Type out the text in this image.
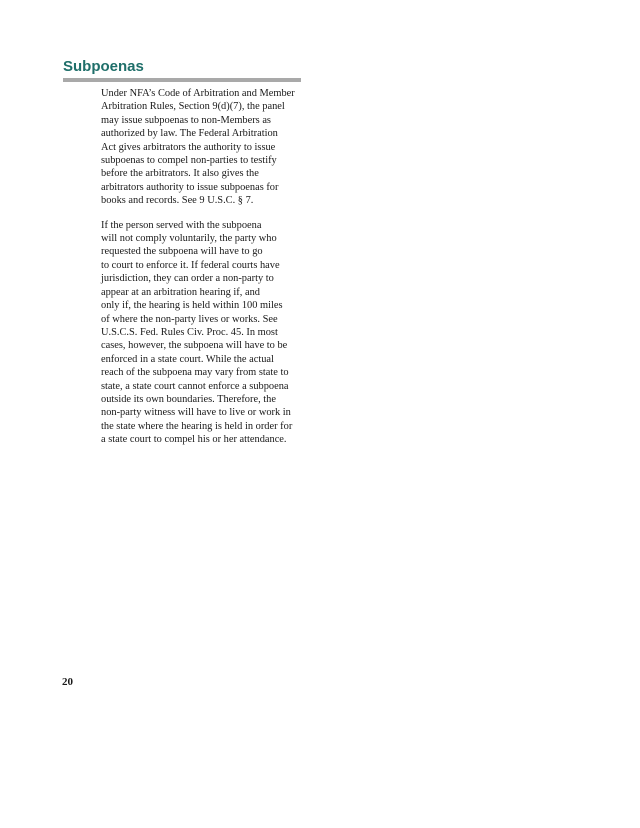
Subpoenas
Under NFA’s Code of Arbitration and Member
Arbitration Rules, Section 9(d)(7), the panel
may issue subpoenas to non-Members as
authorized by law. The Federal Arbitration
Act gives arbitrators the authority to issue
subpoenas to compel non-parties to testify
before the arbitrators. It also gives the
arbitrators authority to issue subpoenas for
books and records. See 9 U.S.C. § 7.
If the person served with the subpoena
will not comply voluntarily, the party who
requested the subpoena will have to go
to court to enforce it. If federal courts have
jurisdiction, they can order a non-party to
appear at an arbitration hearing if, and
only if, the hearing is held within 100 miles
of where the non-party lives or works. See
U.S.C.S. Fed. Rules Civ. Proc. 45. In most
cases, however, the subpoena will have to be
enforced in a state court. While the actual
reach of the subpoena may vary from state to
state, a state court cannot enforce a subpoena
outside its own boundaries. Therefore, the
non-party witness will have to live or work in
the state where the hearing is held in order for
a state court to compel his or her attendance.

20
